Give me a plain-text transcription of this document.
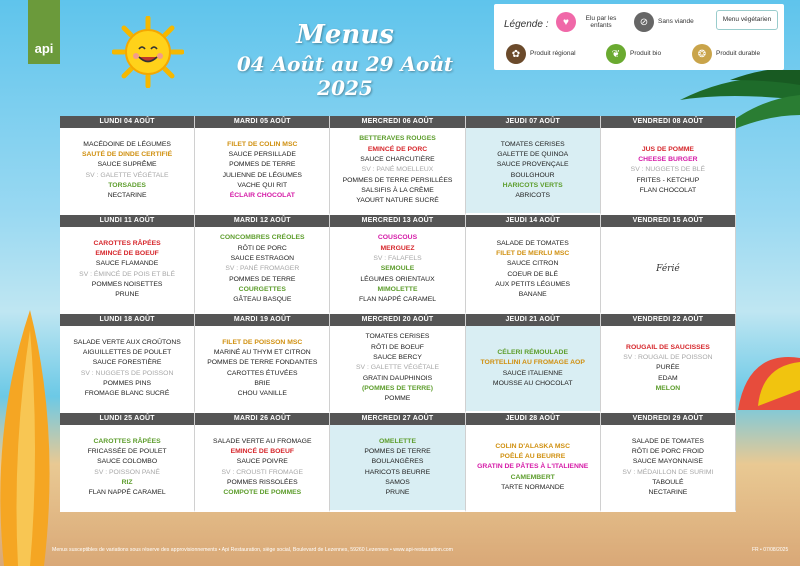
api	Menus
04 Août au 29 Août 2025
Légende :	♥	Elu par les enfants	⊘	Sans viande	Menu végétarien
✿	Produit régional	❦	Produit bio	❂	Produit durable
LUNDI 04 AOÛT
MACÉDOINE DE LÉGUMES
SAUTÉ DE DINDE CERTIFIÉ
SAUCE SUPRÊME
SV : GALETTE VÉGÉTALE
TORSADES
NECTARINE
MARDI 05 AOÛT
FILET DE COLIN MSC
SAUCE PERSILLADE
POMMES DE TERRE
JULIENNE DE LÉGUMES
VACHE QUI RIT
ÉCLAIR CHOCOLAT
MERCREDI 06 AOÛT
BETTERAVES ROUGES
EMINCÉ DE PORC
SAUCE CHARCUTIÈRE
SV : PANÉ MOELLEUX
POMMES DE TERRE PERSILLÉES
SALSIFIS À LA CRÈME
YAOURT NATURE SUCRÉ
JEUDI 07 AOÛT
TOMATES CERISES
GALETTE DE QUINOA
SAUCE PROVENÇALE
BOULGHOUR
HARICOTS VERTS
ABRICOTS
VENDREDI 08 AOÛT
JUS DE POMME
CHEESE BURGER
SV : NUGGETS DE BLÉ
FRITES - KETCHUP
FLAN CHOCOLAT
LUNDI 11 AOÛT
CAROTTES RÂPÉES
EMINCÉ DE BOEUF
SAUCE FLAMANDE
SV : ÉMINCÉ DE POIS ET BLÉ
POMMES NOISETTES
PRUNE
MARDI 12 AOÛT
CONCOMBRES CRÉOLES
RÔTI DE PORC
SAUCE ESTRAGON
SV : PANÉ FROMAGER
POMMES DE TERRE
COURGETTES
GÂTEAU BASQUE
MERCREDI 13 AOÛT
COUSCOUS
MERGUEZ
SV : FALAFELS
SEMOULE
LÉGUMES ORIENTAUX
MIMOLETTE
FLAN NAPPÉ CARAMEL
JEUDI 14 AOÛT
SALADE DE TOMATES
FILET DE MERLU MSC
SAUCE CITRON
COEUR DE BLÉ
AUX PETITS LÉGUMES
BANANE
VENDREDI 15 AOÛT
Férié
LUNDI 18 AOÛT
SALADE VERTE AUX CROÛTONS
AIGUILLETTES DE POULET
SAUCE FORESTIÈRE
SV : NUGGETS DE POISSON
POMMES PINS
FROMAGE BLANC SUCRÉ
MARDI 19 AOÛT
FILET DE POISSON MSC
MARINÉ AU THYM ET CITRON
POMMES DE TERRE FONDANTES
CAROTTES ÉTUVÉES
BRIE
CHOU VANILLE
MERCREDI 20 AOÛT
TOMATES CERISES
RÔTI DE BOEUF
SAUCE BERCY
SV : GALETTE VÉGÉTALE
GRATIN DAUPHINOIS
(POMMES DE TERRE)
POMME
JEUDI 21 AOÛT
CÉLERI RÉMOULADE
TORTELLINI AU FROMAGE AOP
SAUCE ITALIENNE
MOUSSE AU CHOCOLAT
VENDREDI 22 AOÛT
ROUGAIL DE SAUCISSES
SV : ROUGAIL DE POISSON
PURÉE
EDAM
MELON
LUNDI 25 AOÛT
CAROTTES RÂPÉES
FRICASSÉE DE POULET
SAUCE COLOMBO
SV : POISSON PANÉ
RIZ
FLAN NAPPÉ CARAMEL
MARDI 26 AOÛT
SALADE VERTE AU FROMAGE
EMINCÉ DE BOEUF
SAUCE POIVRE
SV : CROUSTI FROMAGE
POMMES RISSOLÉES
COMPOTE DE POMMES
MERCREDI 27 AOÛT
OMELETTE
POMMES DE TERRE
BOULANGÈRES
HARICOTS BEURRE
SAMOS
PRUNE
JEUDI 28 AOÛT
COLIN D'ALASKA MSC
POÊLÉ AU BEURRE
GRATIN DE PÂTES À L'ITALIENNE
CAMEMBERT
TARTE NORMANDE
VENDREDI 29 AOÛT
SALADE DE TOMATES
RÔTI DE PORC FROID
SAUCE MAYONNAISE
SV : MÉDAILLON DE SURIMI
TABOULÉ
NECTARINE
Menus susceptibles de variations sous réserve des approvisionnements • Api Restauration, siège social, Boulevard de Lezennes, 59260 Lezennes • www.api-restauration.com	FR • 07/08/2025
